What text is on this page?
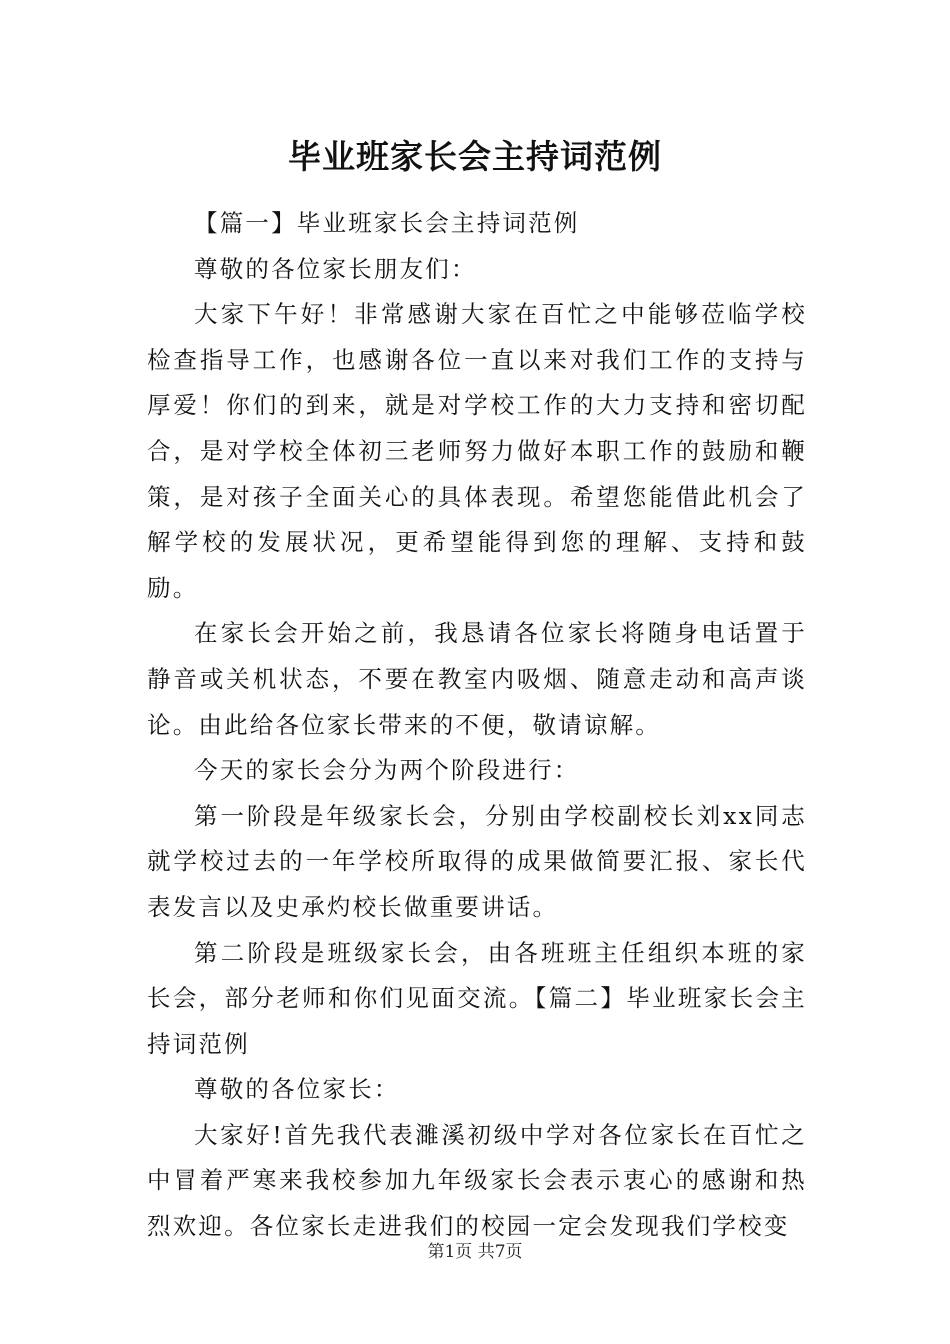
毕业班家长会主持词范例

【篇一】毕业班家长会主持词范例

尊敬的各位家长朋友们：

大家下午好！非常感谢大家在百忙之中能够莅临学校检查指导工作，也感谢各位一直以来对我们工作的支持与厚爱！你们的到来，就是对学校工作的大力支持和密切配合，是对学校全体初三老师努力做好本职工作的鼓励和鞭策，是对孩子全面关心的具体表现。希望您能借此机会了解学校的发展状况，更希望能得到您的理解、支持和鼓励。

在家长会开始之前，我恳请各位家长将随身电话置于静音或关机状态，不要在教室内吸烟、随意走动和高声谈论。由此给各位家长带来的不便，敬请谅解。

今天的家长会分为两个阶段进行：

第一阶段是年级家长会，分别由学校副校长刘xx同志就学校过去的一年学校所取得的成果做简要汇报、家长代表发言以及史承灼校长做重要讲话。

第二阶段是班级家长会，由各班班主任组织本班的家长会，部分老师和你们见面交流。【篇二】毕业班家长会主持词范例

尊敬的各位家长：

大家好!首先我代表濉溪初级中学对各位家长在百忙之中冒着严寒来我校参加九年级家长会表示衷心的感谢和热烈欢迎。各位家长走进我们的校园一定会发现我们学校变

第1页 共7页
